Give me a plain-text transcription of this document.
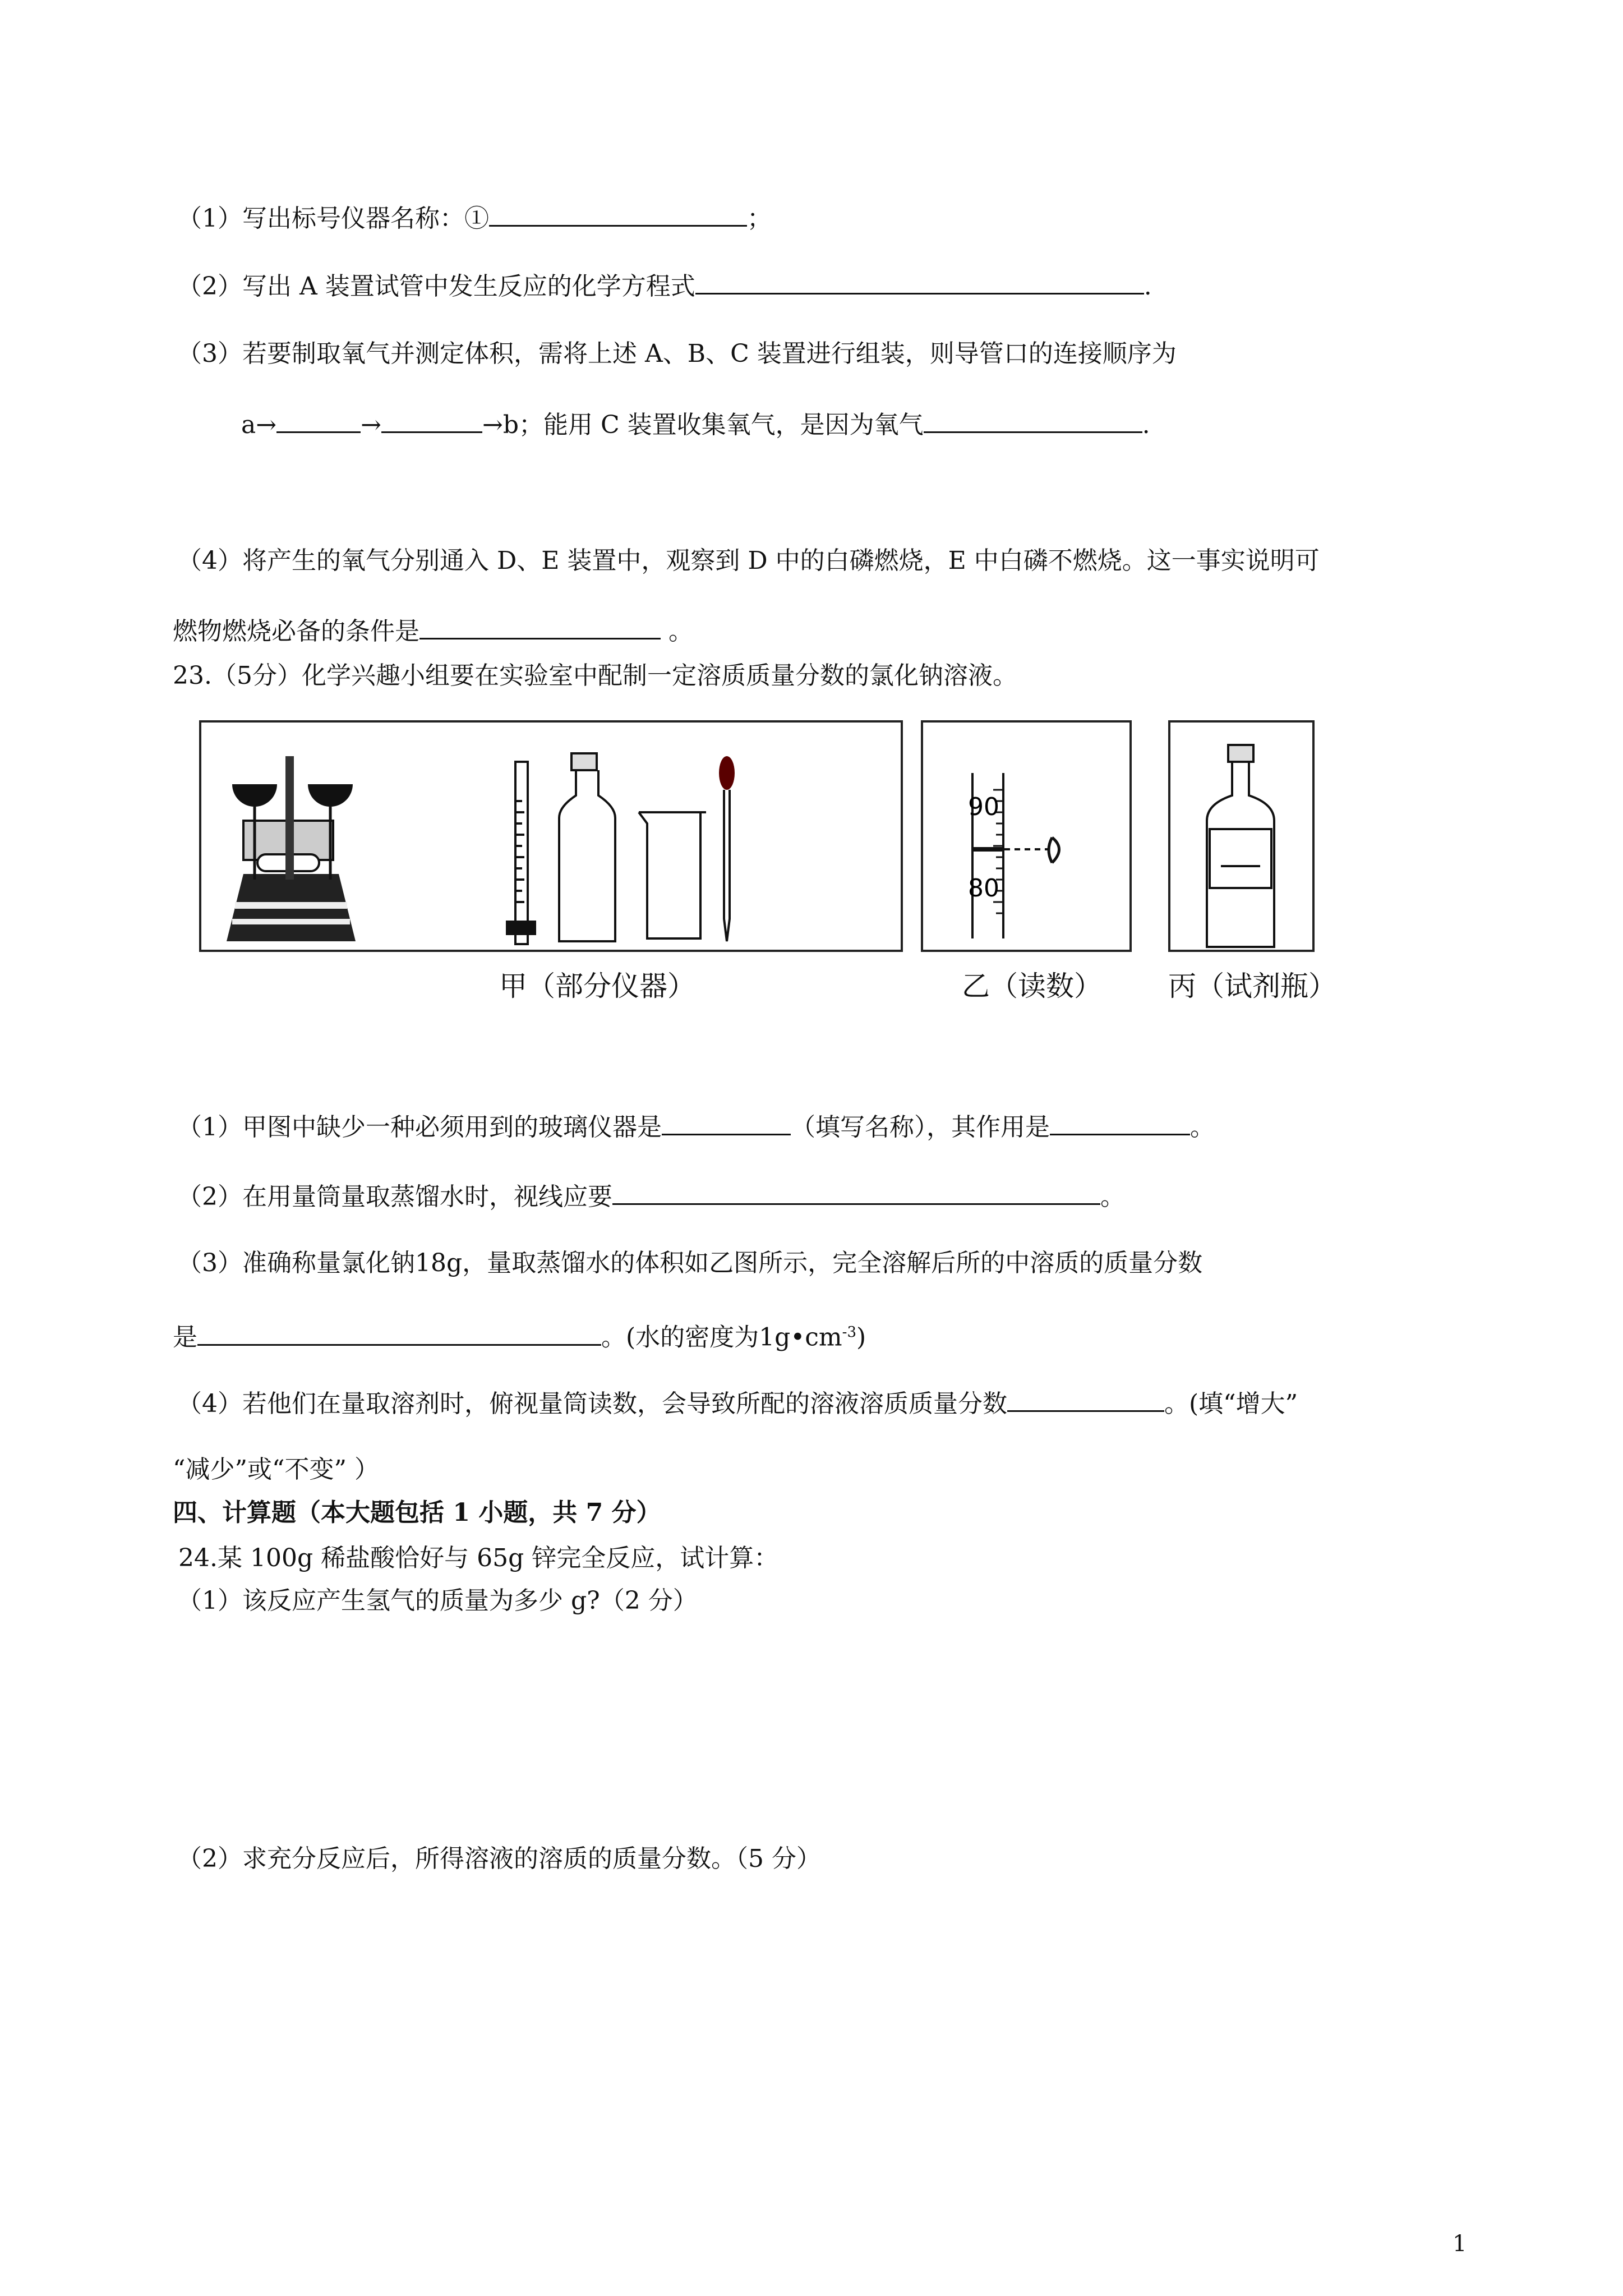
（1）写出标号仪器名称：①	；
（2）写出 A 装置试管中发生反应的化学方程式	.
（3）若要制取氧气并测定体积，需将上述 A、B、C 装置进行组装，则导管口的连接顺序为
a→	→	→b；能用 C 装置收集氧气，是因为氧气	.
（4）将产生的氧气分别通入 D、E 装置中，观察到 D 中的白磷燃烧，E 中白磷不燃烧。这一事实说明可
燃物燃烧必备的条件是	。
23.（5分）化学兴趣小组要在实验室中配制一定溶质质量分数的氯化钠溶液。
90
80
甲（部分仪器）	乙（读数） 丙（试剂瓶）
（1）甲图中缺少一种必须用到的玻璃仪器是	（填写名称），其作用是	。
（2）在用量筒量取蒸馏水时，视线应要	。
（3）准确称量氯化钠18g，量取蒸馏水的体积如乙图所示，完全溶解后所的中溶质的质量分数
是	。(水的密度为$1g•cm^{-3}$)
（4）若他们在量取溶剂时，俯视量筒读数，会导致所配的溶液溶质质量分数	。(填“增大”
“减少”或“不变” ）
四、计算题（本大题包括 1 小题，共 7 分）
24.某 100g 稀盐酸恰好与 65g 锌完全反应，试计算：
（1）该反应产生氢气的质量为多少 g?（2 分）
（2）求充分反应后，所得溶液的溶质的质量分数。（5 分）
1
